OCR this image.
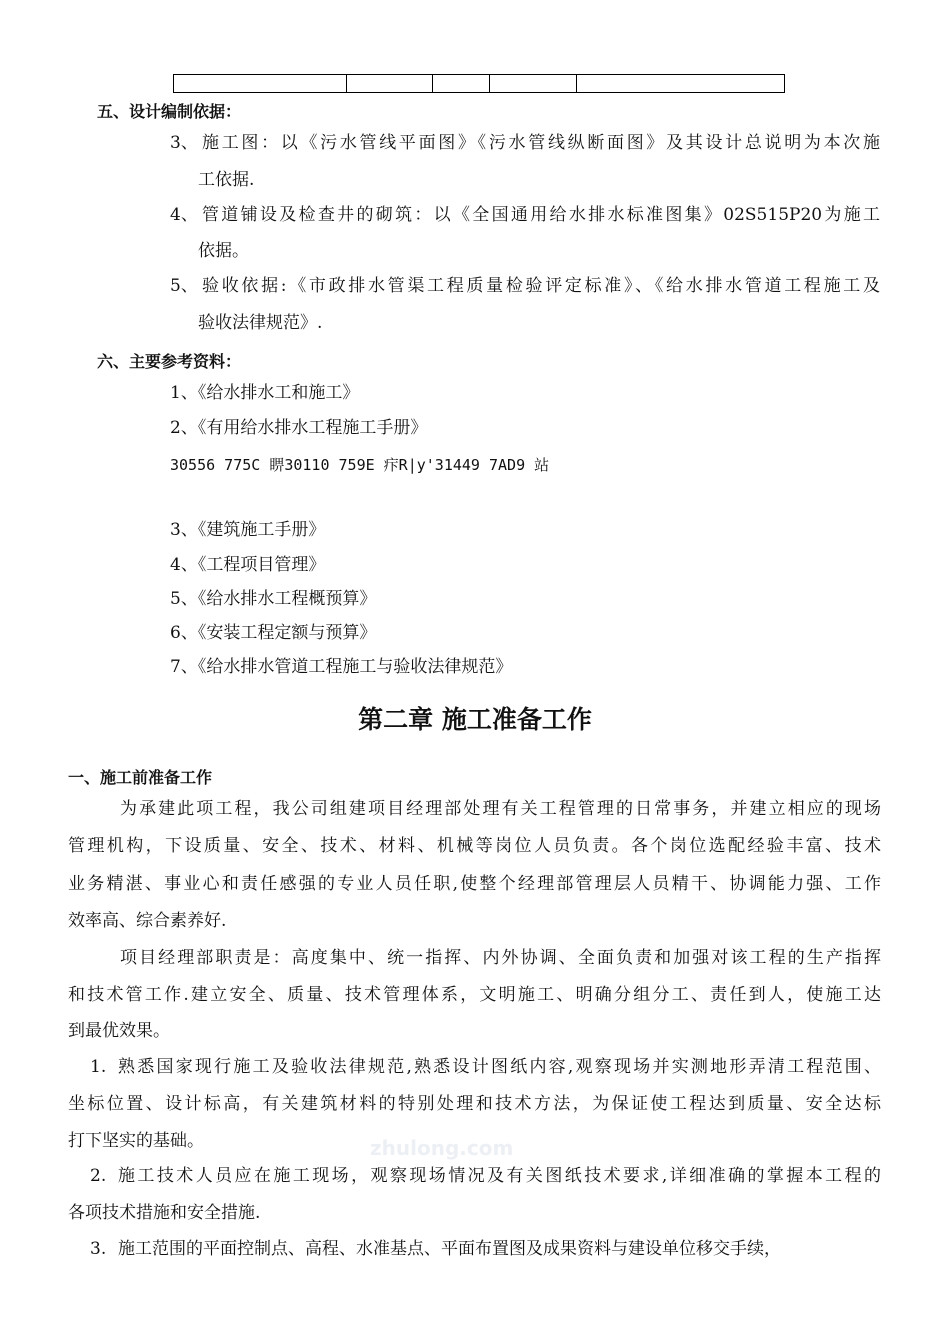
五、设计编制依据：
3、 施工图：以《污水管线平面图》《污水管线纵断面图》及其设计总说明为本次施
工依据.
4、 管道铺设及检查井的砌筑：以《全国通用给水排水标准图集》02S515P20为施工
依据。
5、 验收依据:《市政排水管渠工程质量检验评定标准》、《给水排水管道工程施工及
验收法律规范》.
六、主要参考资料：
1、《给水排水工和施工》
2、《有用给水排水工程施工手册》
30556 775C 睤30110 759E 疜R|y'31449 7AD9 站
3、《建筑施工手册》
4、《工程项目管理》
5、《给水排水工程概预算》
6、《安装工程定额与预算》
7、《给水排水管道工程施工与验收法律规范》
第二章 施工准备工作
一、施工前准备工作
为承建此项工程，我公司组建项目经理部处理有关工程管理的日常事务，并建立相应的现场
管理机构，下设质量、安全、技术、材料、机械等岗位人员负责。各个岗位选配经验丰富、技术
业务精湛、事业心和责任感强的专业人员任职,使整个经理部管理层人员精干、协调能力强、工作
效率高、综合素养好.
项目经理部职责是：高度集中、统一指挥、内外协调、全面负责和加强对该工程的生产指挥
和技术管工作.建立安全、质量、技术管理体系，文明施工、明确分组分工、责任到人，使施工达
到最优效果。
1. 熟悉国家现行施工及验收法律规范,熟悉设计图纸内容,观察现场并实测地形弄清工程范围、
坐标位置、设计标高，有关建筑材料的特别处理和技术方法，为保证使工程达到质量、安全达标
打下坚实的基础。
2. 施工技术人员应在施工现场，观察现场情况及有关图纸技术要求,详细准确的掌握本工程的
各项技术措施和安全措施.
3. 施工范围的平面控制点、高程、水准基点、平面布置图及成果资料与建设单位移交手续，
zhulong.com
